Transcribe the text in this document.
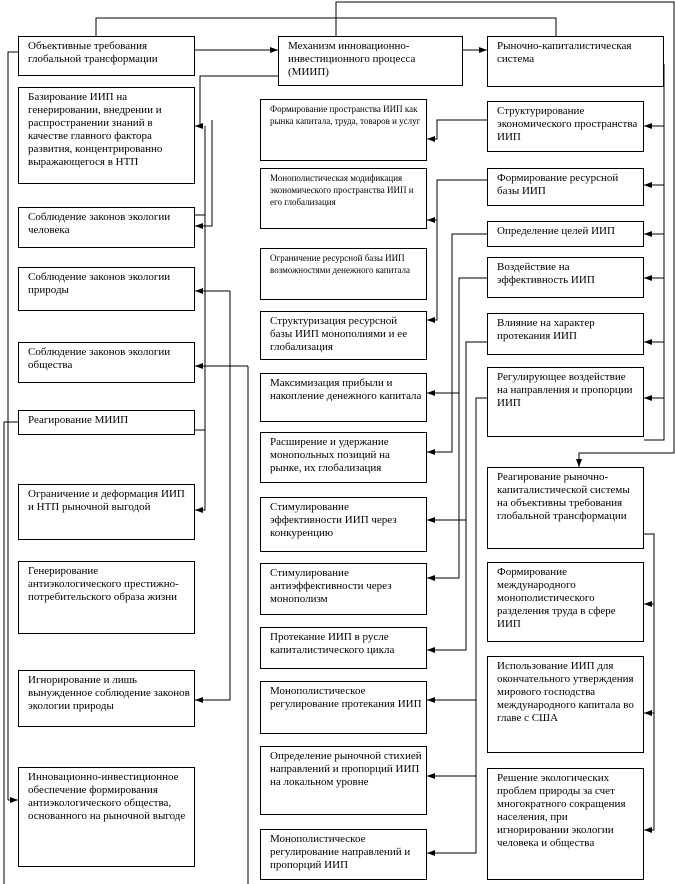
Объективные требования глобальной трансформации
Базирование ИИП на генерировании, внедрении и распространении знаний в качестве главного фактора развития, концентрированно выражающегося в НТП
Соблюдение законов экологии человека
Соблюдение законов экологии природы
Соблюдение законов экологии общества
Реагирование МИИП
Ограничение и деформация ИИП и НТП рыночной выгодой
Генерирование антиэкологического престижно-потребительского образа жизни
Игнорирование и лишь вынужденное соблюдение законов экологии природы
Инновационно-инвестиционное обеспечение формирования антиэкологического общества, основанного на рыночной выгоде
Механизм инновационно-инвестиционного процесса (МИИП)
Формирование пространства ИИП как рынка капитала, труда, товаров и услуг
Монополистическая модификация экономического пространства ИИП и его глобализация
Ограничение ресурсной базы ИИП возможностями денежного капитала
Структуризация ресурсной базы ИИП монополиями и ее глобализация
Максимизация прибыли и накопление денежного капитала
Расширение и удержание монопольных позиций на рынке, их глобализация
Стимулирование эффективности ИИП через конкуренцию
Стимулирование антиэффективности через монополизм
Протекание ИИП в русле капиталистического цикла
Монополистическое регулирование протекания ИИП
Определение рыночной стихией направлений и пропорций ИИП на локальном уровне
Монополистическое регулирование направлений и пропорций ИИП
Рыночно-капиталистическая система
Структурирование экономического пространства ИИП
Формирование ресурсной базы ИИП
Определение целей ИИП
Воздействие на эффективность ИИП
Влияние на характер протекания ИИП
Регулирующее воздействие на направления и пропорции ИИП
Реагирование рыночно-капиталистической системы на объективны требования глобальной трансформации
Формирование международного монополистического разделения труда в сфере ИИП
Использование ИИП для окончательного утверждения мирового господства международного капитала во главе с США
Решение экологических проблем природы за счет многократного сокращения населения, при игнорировании экологии человека и общества
